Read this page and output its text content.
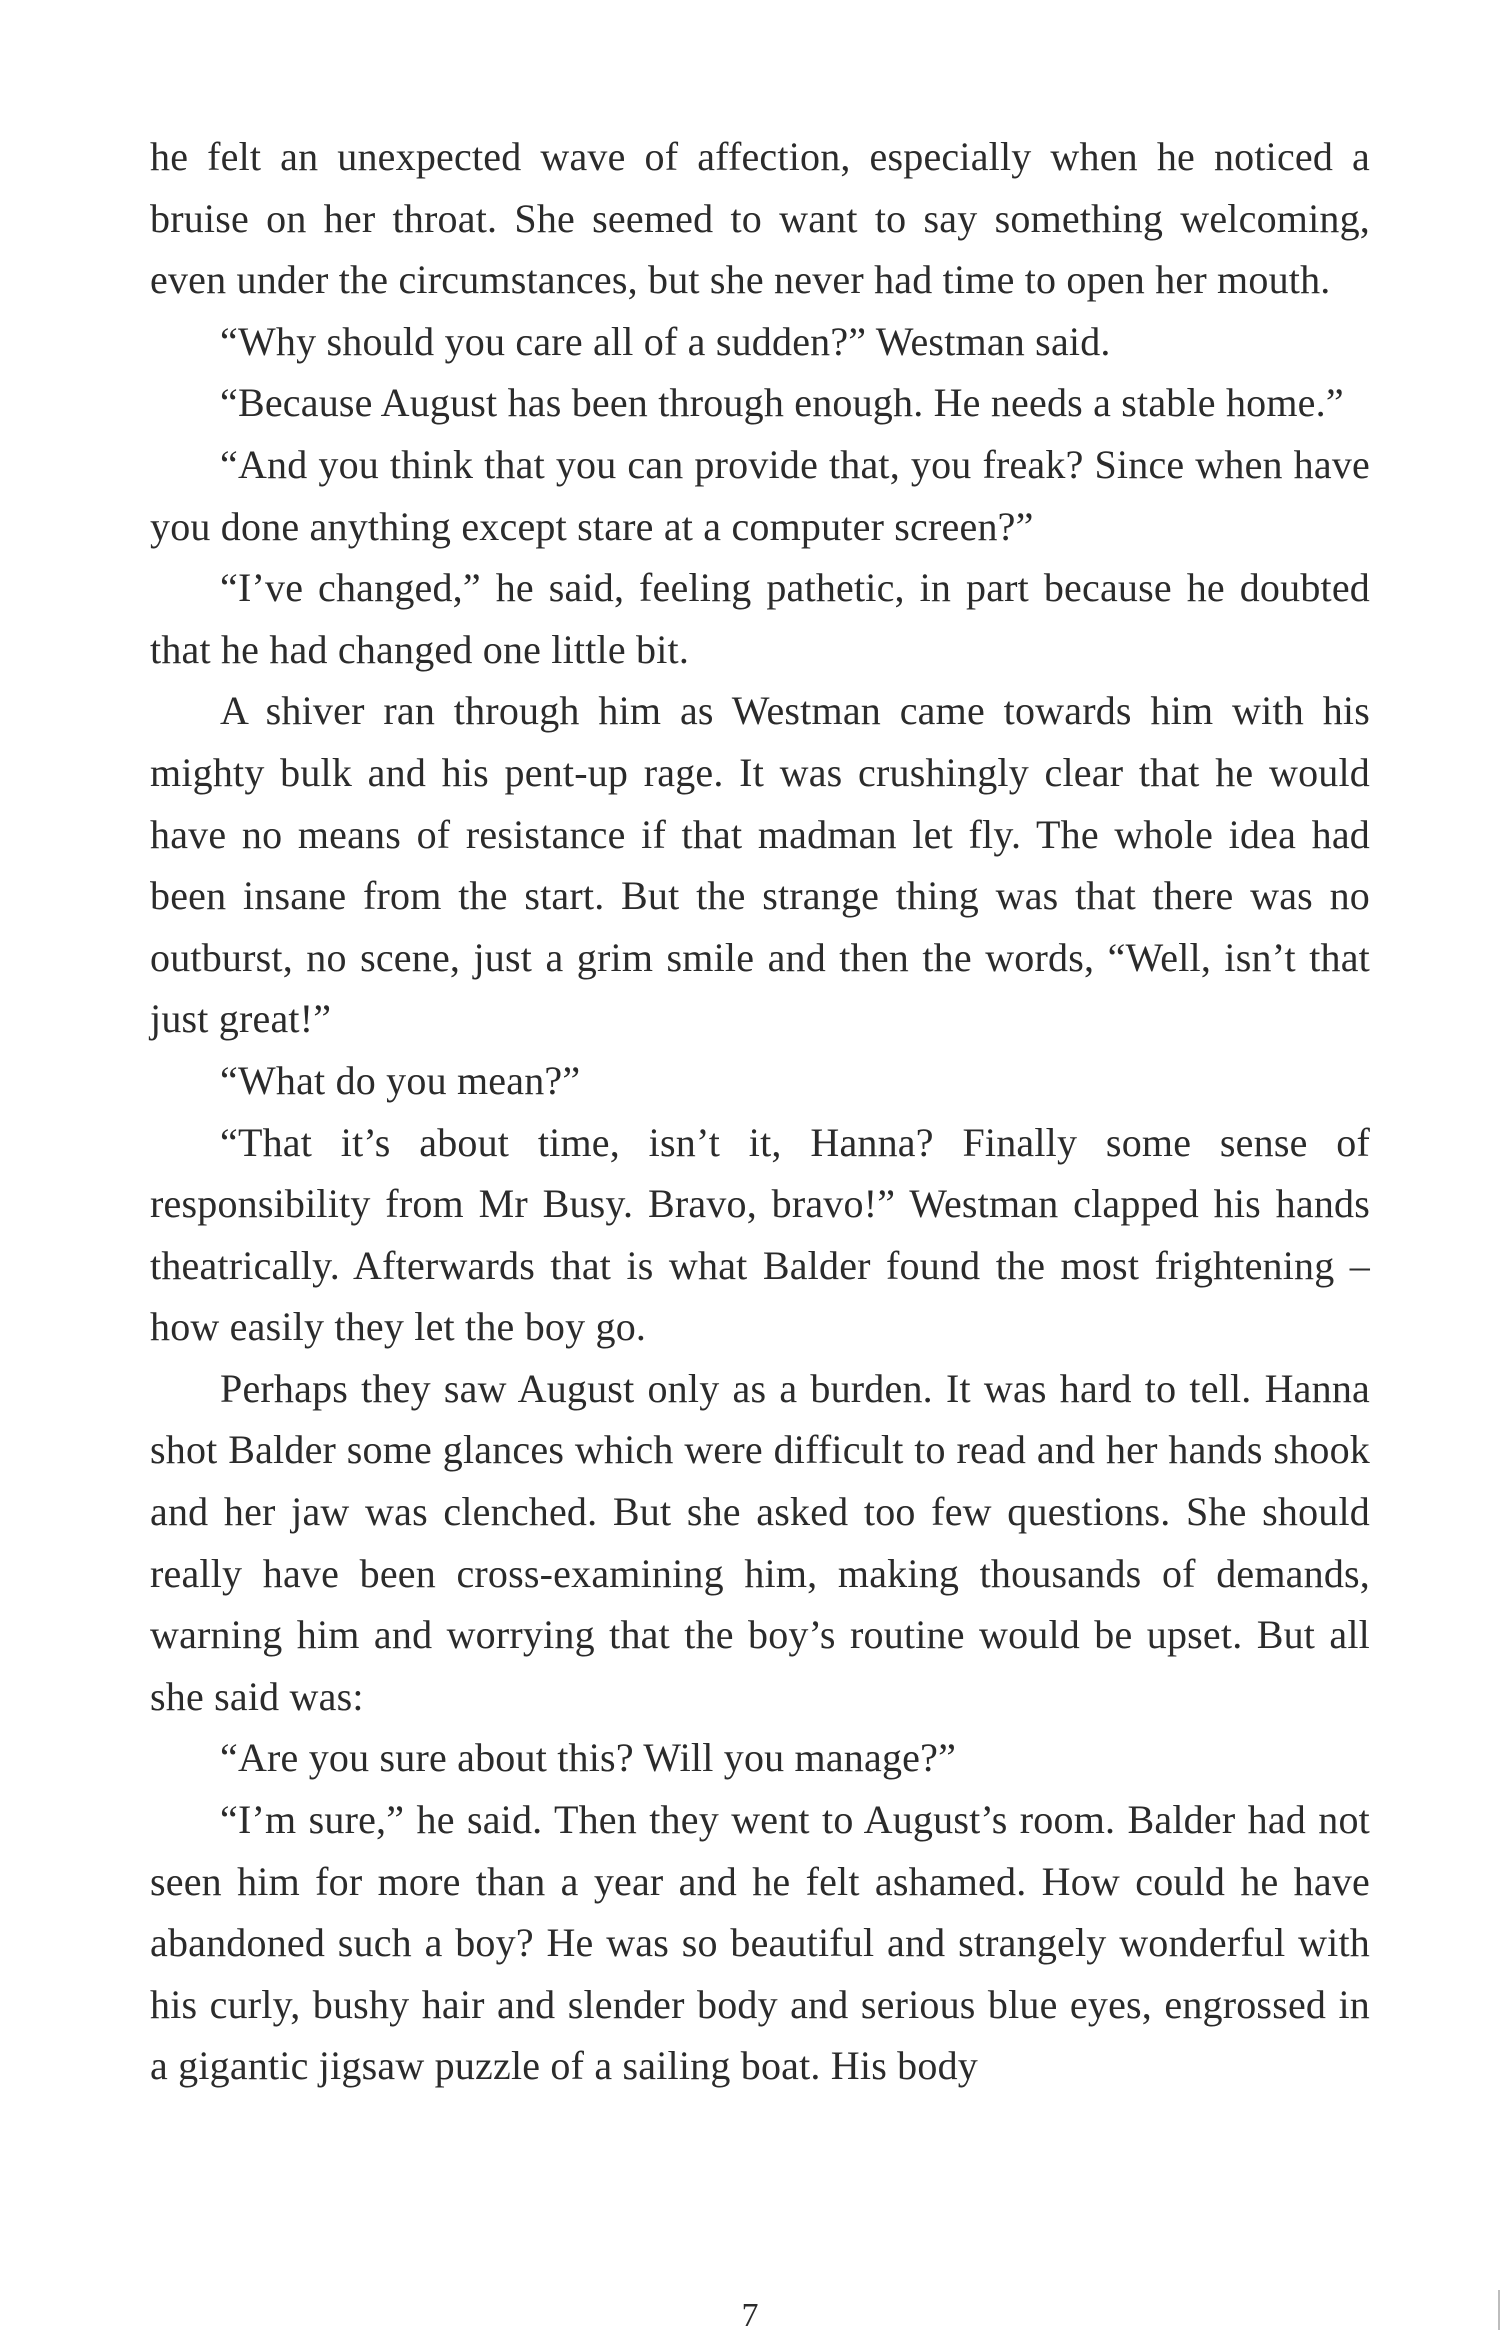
he felt an unexpected wave of affection, especially when he noticed a bruise on her throat. She seemed to want to say something welcoming, even under the circumstances, but she never had time to open her mouth.

“Why should you care all of a sudden?” Westman said.

“Because August has been through enough. He needs a stable home.”

“And you think that you can provide that, you freak? Since when have you done anything except stare at a computer screen?”

“I’ve changed,” he said, feeling pathetic, in part because he doubted that he had changed one little bit.

A shiver ran through him as Westman came towards him with his mighty bulk and his pent-up rage. It was crushingly clear that he would have no means of resistance if that madman let fly. The whole idea had been insane from the start. But the strange thing was that there was no outburst, no scene, just a grim smile and then the words, “Well, isn’t that just great!”

“What do you mean?”

“That it’s about time, isn’t it, Hanna? Finally some sense of responsibility from Mr Busy. Bravo, bravo!” Westman clapped his hands theatrically. Afterwards that is what Balder found the most frightening – how easily they let the boy go.

Perhaps they saw August only as a burden. It was hard to tell. Hanna shot Balder some glances which were difficult to read and her hands shook and her jaw was clenched. But she asked too few questions. She should really have been cross-examining him, making thousands of demands, warning him and worrying that the boy’s routine would be upset. But all she said was:

“Are you sure about this? Will you manage?”

“I’m sure,” he said. Then they went to August’s room. Balder had not seen him for more than a year and he felt ashamed. How could he have abandoned such a boy? He was so beautiful and strangely wonderful with his curly, bushy hair and slender body and serious blue eyes, engrossed in a gigantic jigsaw puzzle of a sailing boat. His body

7
